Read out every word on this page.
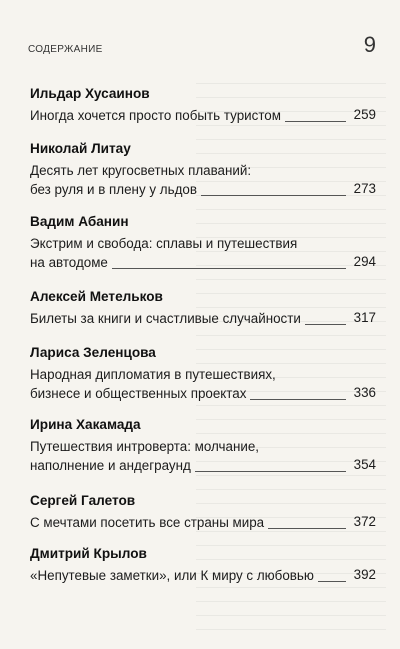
СОДЕРЖАНИЕ	9
Ильдар Хусаинов
Иногда хочется просто побыть туристом	259
Николай Литау
Десять лет кругосветных плаваний:
без руля и в плену у льдов	273
Вадим Абанин
Экстрим и свобода: сплавы и путешествия
на автодоме	294
Алексей Метельков
Билеты за книги и счастливые случайности	317
Лариса Зеленцова
Народная дипломатия в путешествиях,
бизнесе и общественных проектах	336
Ирина Хакамада
Путешествия интроверта: молчание,
наполнение и андеграунд	354
Сергей Галетов
С мечтами посетить все страны мира	372
Дмитрий Крылов
«Непутевые заметки», или К миру с любовью	392
